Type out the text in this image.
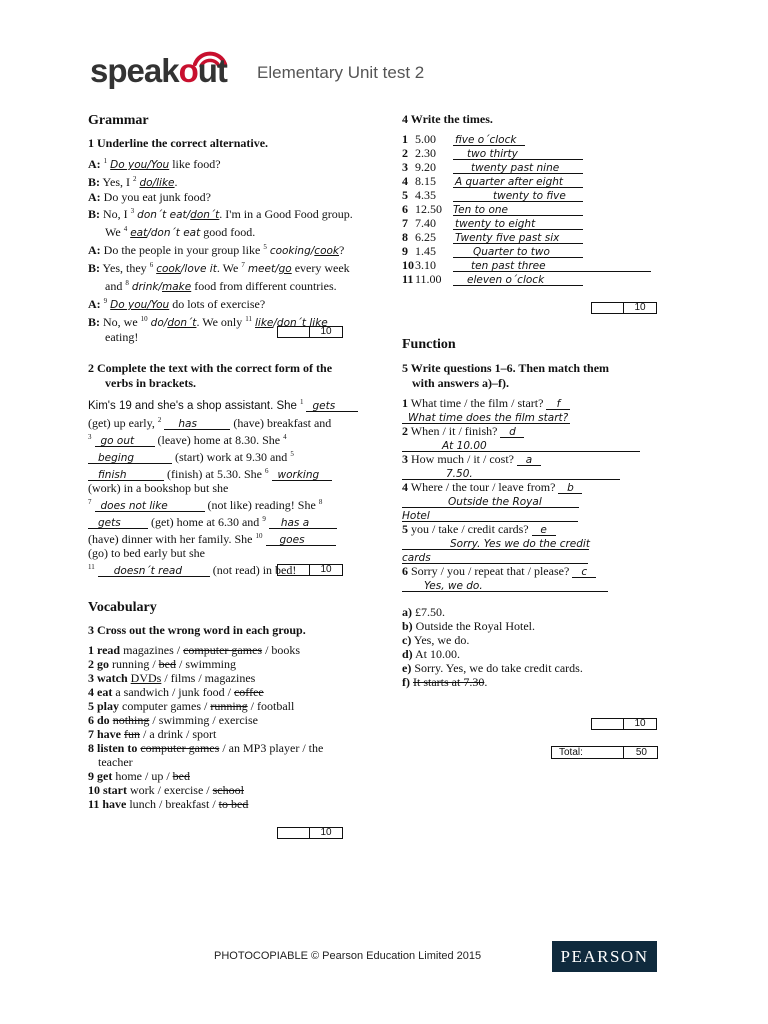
speakout Elementary Unit test 2
Grammar
1 Underline the correct alternative.
A: $^1$ Do you/You like food?
B: Yes, I $^2$ do/like.
A: Do you eat junk food?
B: No, I $^3$ don´t eat/don´t. I'm in a Good Food group.
We $^4$ eat/don´t eat good food.
A: Do the people in your group like $^5$ cooking/cook?
B: Yes, they $^6$ cook/love it. We $^7$ meet/go every week
and $^8$ drink/make food from different countries.
A: $^9$ Do you/You do lots of exercise?
B: No, we $^{10}$ do/don´t. We only $^{11}$ like/don´t like
eating!	10
2 Complete the text with the correct form of the
verbs in brackets.
Kim's 19 and she's a shop assistant. She $^1$ gets
(get) up early, $^2$ has	(have) breakfast and
$^3$ go out (leave) home at 8.30. She $^4$
beging	(start) work at 9.30 and $^5$
finish	(finish) at 5.30. She $^6$ working
(work) in a bookshop but she
$^7$ does not like	(not like) reading! She $^8$
gets	(get) home at 6.30 and $^9$ has a
(have) dinner with her family. She $^{10}$ goes
(go) to bed early but she
$^{11}$ doesn´t read	(not read) in bed!	10
Vocabulary
3 Cross out the wrong word in each group.
1 read magazines / computer games / books
2 go running / bed / swimming
3 watch DVDs / films / magazines
4 eat a sandwich / junk food / coffee
5 play computer games / running / football
6 do nothing / swimming / exercise
7 have fun / a drink / sport
8 listen to computer games / an MP3 player / the
teacher
9 get home / up / bed
10 start work / exercise / school
11 have lunch / breakfast / to bed
10
4 Write the times.
1 5.00 five o´clock
2 2.30	two thirty
3 9.20	twenty past nine
4 8.15 A quarter after eight
5 4.35	twenty to five
6 12.50 Ten to one
7 7.40 twenty to eight
8 6.25 Twenty five past six
9 1.45	Quarter to two
103.10	ten past three
11 11.00 eleven o´clock
10
Function
5 Write questions 1–6. Then match them
with answers a)–f).
1 What time / the film / start? f
What time does the film start?
2 When / it / finish? d
At 10.00
3 How much / it / cost? a
7.50.
4 Where / the tour / leave from? b
Outside the Royal
Hotel
5 you / take / credit cards? e
Sorry. Yes we do the credit
cards
6 Sorry / you / repeat that / please? c
Yes, we do.
a) £7.50.
b) Outside the Royal Hotel.
c) Yes, we do.
d) At 10.00.
e) Sorry. Yes, we do take credit cards.
f) It starts at 7.30.
10
Total:	50
PHOTOCOPIABLE © Pearson Education Limited 2015	PEARSON
